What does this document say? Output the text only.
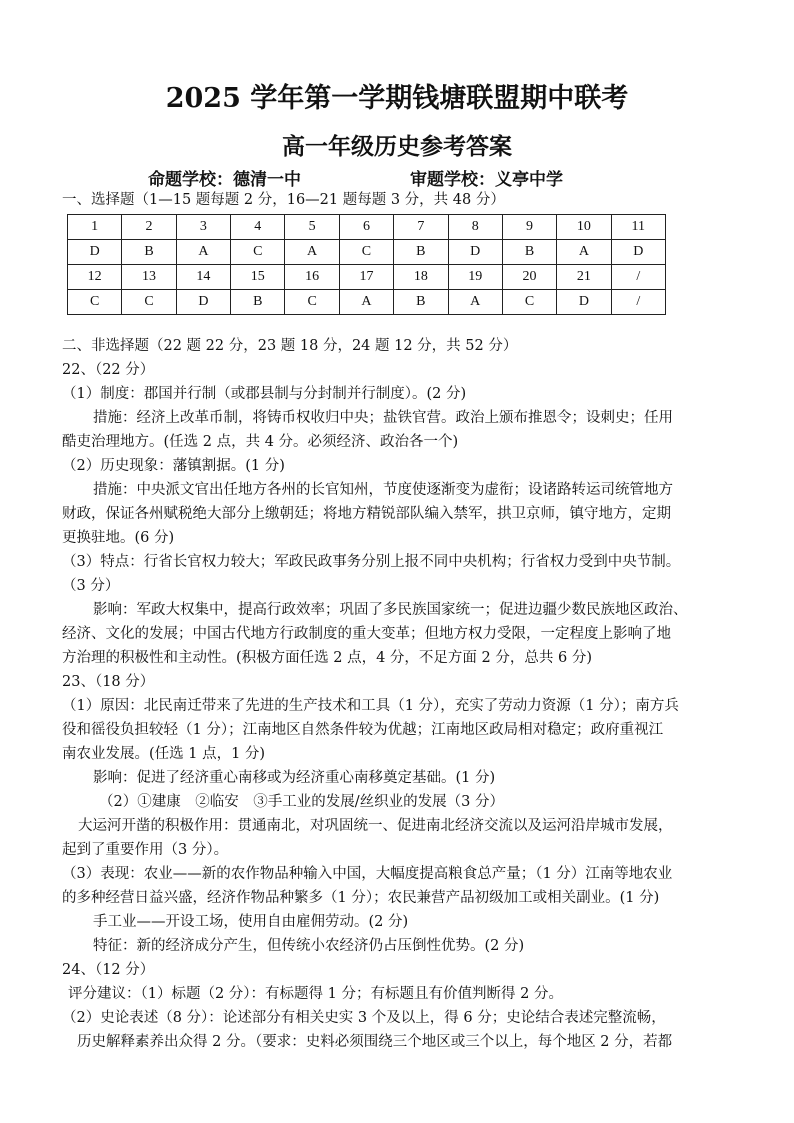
2025 学年第一学期钱塘联盟期中联考
高一年级历史参考答案
命题学校：德清一中	审题学校：义亭中学
一、选择题（1—15 题每题 2 分，16—21 题每题 3 分，共 48 分）
1	2	3	4	5	6	7	8	9	10	11
D	B	A	C	A	C	B	D	B	A	D
12	13	14	15	16	17	18	19	20	21	/
C	C	D	B	C	A	B	A	C	D	/
二、非选择题（22 题 22 分，23 题 18 分，24 题 12 分，共 52 分）
22、（22 分）
（1）制度：郡国并行制（或郡县制与分封制并行制度）。(2 分)
措施：经济上改革币制，将铸币权收归中央；盐铁官营。政治上颁布推恩令；设刺史；任用
酷吏治理地方。(任选 2 点，共 4 分。必须经济、政治各一个)
（2）历史现象：藩镇割据。(1 分)
措施：中央派文官出任地方各州的长官知州，节度使逐渐变为虚衔；设诸路转运司统管地方
财政，保证各州赋税绝大部分上缴朝廷；将地方精锐部队编入禁军，拱卫京师，镇守地方，定期
更换驻地。(6 分)
（3）特点：行省长官权力较大；军政民政事务分别上报不同中央机构；行省权力受到中央节制。
（3 分）
影响：军政大权集中，提高行政效率；巩固了多民族国家统一；促进边疆少数民族地区政治、
经济、文化的发展；中国古代地方行政制度的重大变革；但地方权力受限，一定程度上影响了地
方治理的积极性和主动性。(积极方面任选 2 点，4 分，不足方面 2 分，总共 6 分)
23、（18 分）
（1）原因：北民南迁带来了先进的生产技术和工具（1 分），充实了劳动力资源（1 分）；南方兵
役和徭役负担较轻（1 分）；江南地区自然条件较为优越；江南地区政局相对稳定；政府重视江
南农业发展。(任选 1 点，1 分)
影响：促进了经济重心南移或为经济重心南移奠定基础。(1 分)
（2）①建康　②临安　③手工业的发展/丝织业的发展（3 分）
大运河开凿的积极作用：贯通南北，对巩固统一、促进南北经济交流以及运河沿岸城市发展，
起到了重要作用（3 分）。
（3）表现：农业——新的农作物品种输入中国，大幅度提高粮食总产量；（1 分）江南等地农业
的多种经营日益兴盛，经济作物品种繁多（1 分）；农民兼营产品初级加工或相关副业。(1 分)
手工业——开设工场，使用自由雇佣劳动。(2 分)
特征：新的经济成分产生，但传统小农经济仍占压倒性优势。(2 分)
24、（12 分）
评分建议：（1）标题（2 分）：有标题得 1 分；有标题且有价值判断得 2 分。
（2）史论表述（8 分）：论述部分有相关史实 3 个及以上，得 6 分；史论结合表述完整流畅，
历史解释素养出众得 2 分。（要求：史料必须围绕三个地区或三个以上，每个地区 2 分，若都
